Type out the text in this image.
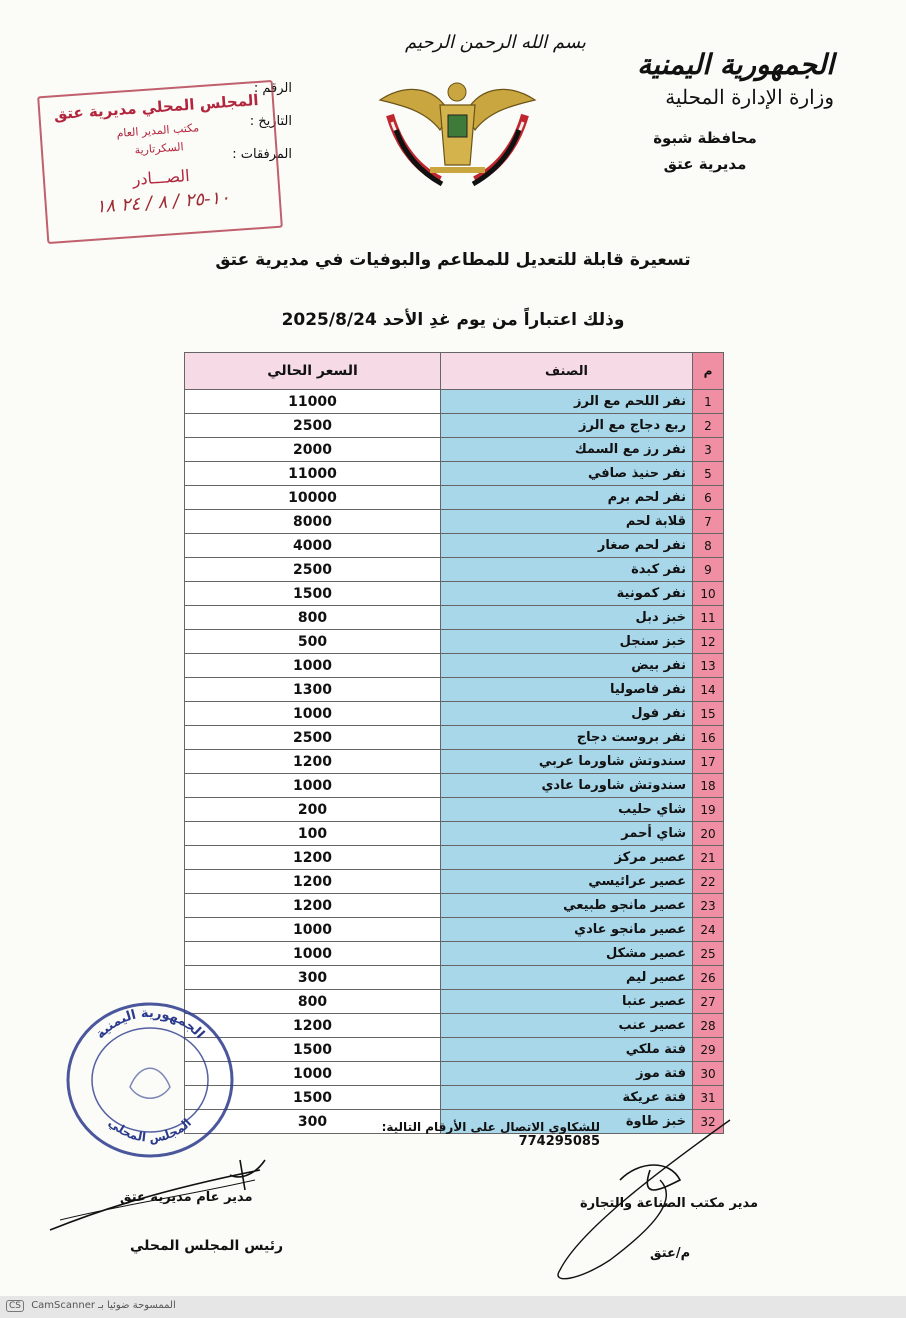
الجمهورية اليمنية
وزارة الإدارة المحلية
محافظة شبوة
مديرية عتق
بسم الله الرحمن الرحيم
الرقم :
التاريخ :
المرفقات :
المجلس المحلي مديرية عتق
مكتب المدير العام
السكرتارية
الصـــادر
١٠-٢٥ / ٨ / ٢٤ ١٨
تسعيرة قابلة للتعديل للمطاعم والبوفيات في مديرية عتق
وذلك اعتباراً من يوم غدِ الأحد 2025/8/24
م	الصنف	السعر الحالي
1	نفر اللحم مع الرز	11000
2	ربع دجاج مع الرز	2500
3	نفر رز مع السمك	2000
5	نفر حنيذ صافي	11000
6	نفر لحم برم	10000
7	قلابة لحم	8000
8	نفر لحم صغار	4000
9	نفر كبدة	2500
10	نفر كمونية	1500
11	خبز دبل	800
12	خبز سنجل	500
13	نفر بيض	1000
14	نفر فاصوليا	1300
15	نفر فول	1000
16	نفر بروست دجاج	2500
17	سندوتش شاورما عربي	1200
18	سندوتش شاورما عادي	1000
19	شاي حليب	200
20	شاي أحمر	100
21	عصير مركز	1200
22	عصير عرائيسي	1200
23	عصير مانجو طبيعي	1200
24	عصير مانجو عادي	1000
25	عصير مشكل	1000
26	عصير ليم	300
27	عصير عنبا	800
28	عصير عنب	1200
29	فتة ملكي	1500
30	فتة موز	1000
31	فتة عريكة	1500
32	خبز طاوة	300	للشكاوي الاتصال على الأرقام التالية: 774295085
الجمهورية اليمنية
المجلس المحلي
مدير عام مديرية عتق
رئيس المجلس المحلي
مدير مكتب الصناعة والتجارة
م/عتق
CS CamScanner الممسوحة ضوئيا بـ
